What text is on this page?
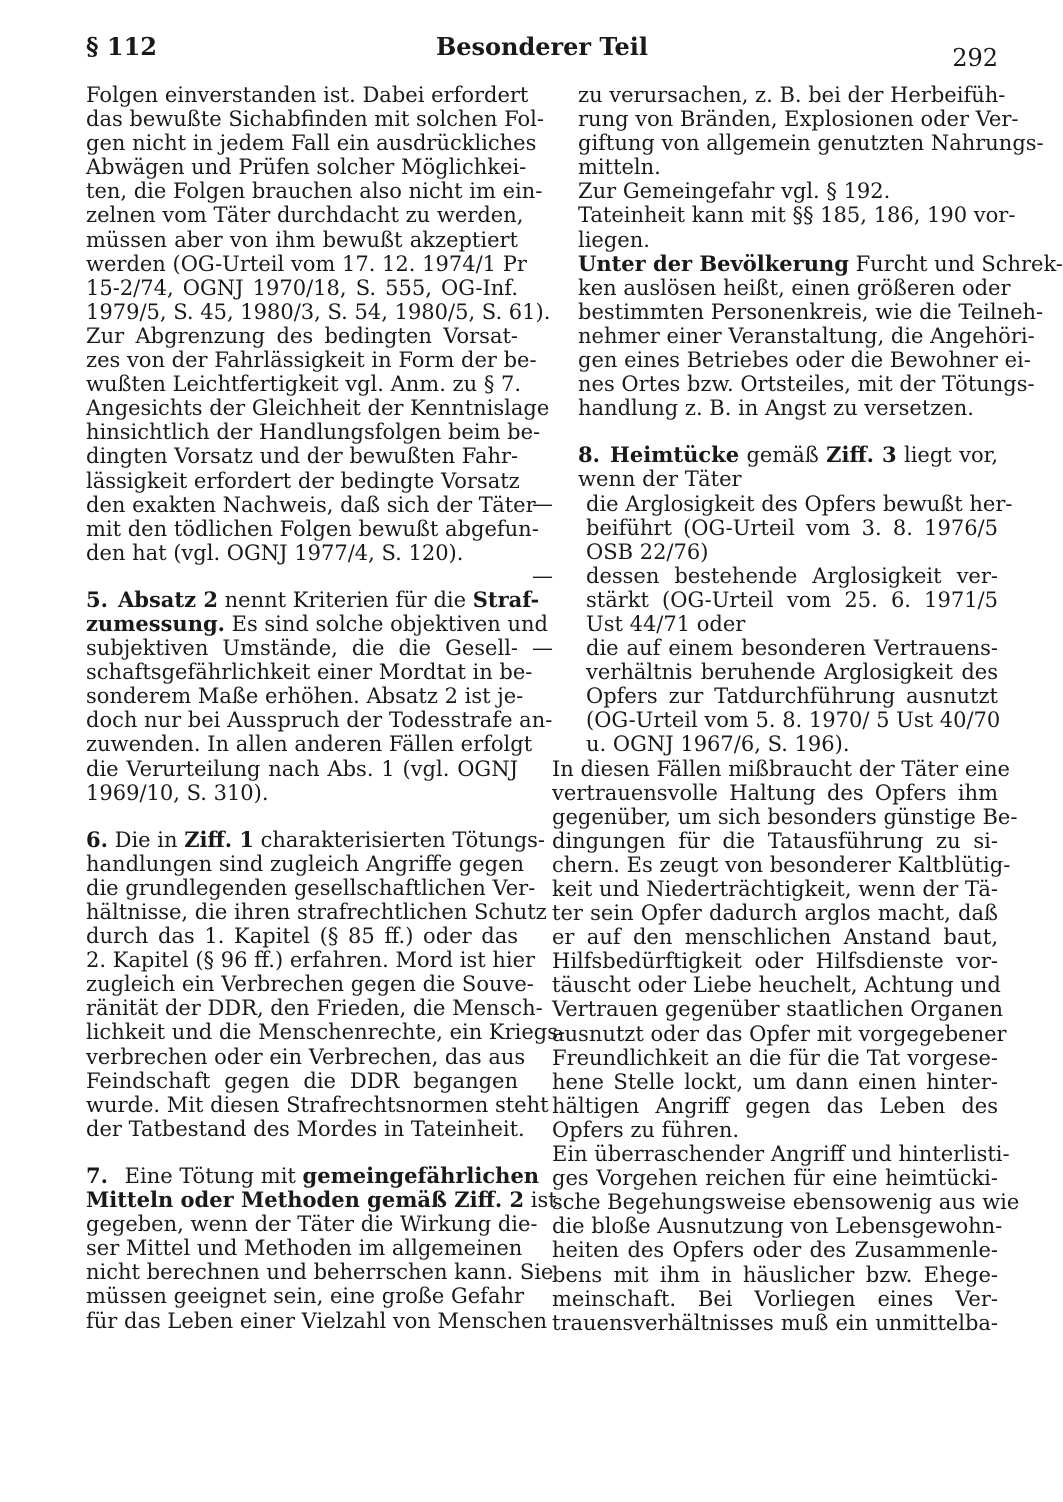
§ 112	Besonderer Teil	292
Folgen einverstanden ist. Dabei erfordert
das bewußte Sichabfinden mit solchen Fol-
gen nicht in jedem Fall ein ausdrückliches
Abwägen und Prüfen solcher Möglichkei-
ten, die Folgen brauchen also nicht im ein-
zelnen vom Täter durchdacht zu werden,
müssen aber von ihm bewußt akzeptiert
werden (OG-Urteil vom 17. 12. 1974/1 Pr
15-2/74, OGNJ 1970/18, S. 555, OG-Inf.
1979/5, S. 45, 1980/3, S. 54, 1980/5, S. 61).
Zur Abgrenzung des bedingten Vorsat-
zes von der Fahrlässigkeit in Form der be-
wußten Leichtfertigkeit vgl. Anm. zu § 7.
Angesichts der Gleichheit der Kenntnislage
hinsichtlich der Handlungsfolgen beim be-
dingten Vorsatz und der bewußten Fahr-
lässigkeit erfordert der bedingte Vorsatz
den exakten Nachweis, daß sich der Täter
mit den tödlichen Folgen bewußt abgefun-
den hat (vgl. OGNJ 1977/4, S. 120).
5. Absatz 2 nennt Kriterien für die Straf-
zumessung. Es sind solche objektiven und
subjektiven Umstände, die die Gesell-
schaftsgefährlichkeit einer Mordtat in be-
sonderem Maße erhöhen. Absatz 2 ist je-
doch nur bei Ausspruch der Todesstrafe an-
zuwenden. In allen anderen Fällen erfolgt
die Verurteilung nach Abs. 1 (vgl. OGNJ
1969/10, S. 310).
6. Die in Ziff. 1 charakterisierten Tötungs-
handlungen sind zugleich Angriffe gegen
die grundlegenden gesellschaftlichen Ver-
hältnisse, die ihren strafrechtlichen Schutz
durch das 1. Kapitel (§ 85 ff.) oder das
2. Kapitel (§ 96 ff.) erfahren. Mord ist hier
zugleich ein Verbrechen gegen die Souve-
ränität der DDR, den Frieden, die Mensch-
lichkeit und die Menschenrechte, ein Kriegs-
verbrechen oder ein Verbrechen, das aus
Feindschaft gegen die DDR begangen
wurde. Mit diesen Strafrechtsnormen steht
der Tatbestand des Mordes in Tateinheit.
7. Eine Tötung mit gemeingefährlichen
Mitteln oder Methoden gemäß Ziff. 2 ist
gegeben, wenn der Täter die Wirkung die-
ser Mittel und Methoden im allgemeinen
nicht berechnen und beherrschen kann. Sie
müssen geeignet sein, eine große Gefahr
für das Leben einer Vielzahl von Menschen
zu verursachen, z. B. bei der Herbeifüh-
rung von Bränden, Explosionen oder Ver-
giftung von allgemein genutzten Nahrungs-
mitteln.
Zur Gemeingefahr vgl. § 192.
Tateinheit kann mit §§ 185, 186, 190 vor-
liegen.
Unter der Bevölkerung Furcht und Schrek-
ken auslösen heißt, einen größeren oder
bestimmten Personenkreis, wie die Teilneh-
nehmer einer Veranstaltung, die Angehöri-
gen eines Betriebes oder die Bewohner ei-
nes Ortes bzw. Ortsteiles, mit der Tötungs-
handlung z. B. in Angst zu versetzen.
8. Heimtücke gemäß Ziff. 3 liegt vor,
wenn der Täter
—	die Arglosigkeit des Opfers bewußt her-
beiführt (OG-Urteil vom 3. 8. 1976/5
OSB 22/76)
—	dessen bestehende Arglosigkeit ver-
stärkt (OG-Urteil vom 25. 6. 1971/5
Ust 44/71 oder
—	die auf einem besonderen Vertrauens-
verhältnis beruhende Arglosigkeit des
Opfers zur Tatdurchführung ausnutzt
(OG-Urteil vom 5. 8. 1970/ 5 Ust 40/70
u. OGNJ 1967/6, S. 196).
In diesen Fällen mißbraucht der Täter eine
vertrauensvolle Haltung des Opfers ihm
gegenüber, um sich besonders günstige Be-
dingungen für die Tatausführung zu si-
chern. Es zeugt von besonderer Kaltblütig-
keit und Niederträchtigkeit, wenn der Tä-
ter sein Opfer dadurch arglos macht, daß
er auf den menschlichen Anstand baut,
Hilfsbedürftigkeit oder Hilfsdienste vor-
täuscht oder Liebe heuchelt, Achtung und
Vertrauen gegenüber staatlichen Organen
ausnutzt oder das Opfer mit vorgegebener
Freundlichkeit an die für die Tat vorgese-
hene Stelle lockt, um dann einen hinter-
hältigen Angriff gegen das Leben des
Opfers zu führen.
Ein überraschender Angriff und hinterlisti-
ges Vorgehen reichen für eine heimtücki-
sche Begehungsweise ebensowenig aus wie
die bloße Ausnutzung von Lebensgewohn-
heiten des Opfers oder des Zusammenle-
bens mit ihm in häuslicher bzw. Ehege-
meinschaft. Bei Vorliegen eines Ver-
trauensverhältnisses muß ein unmittelba-
